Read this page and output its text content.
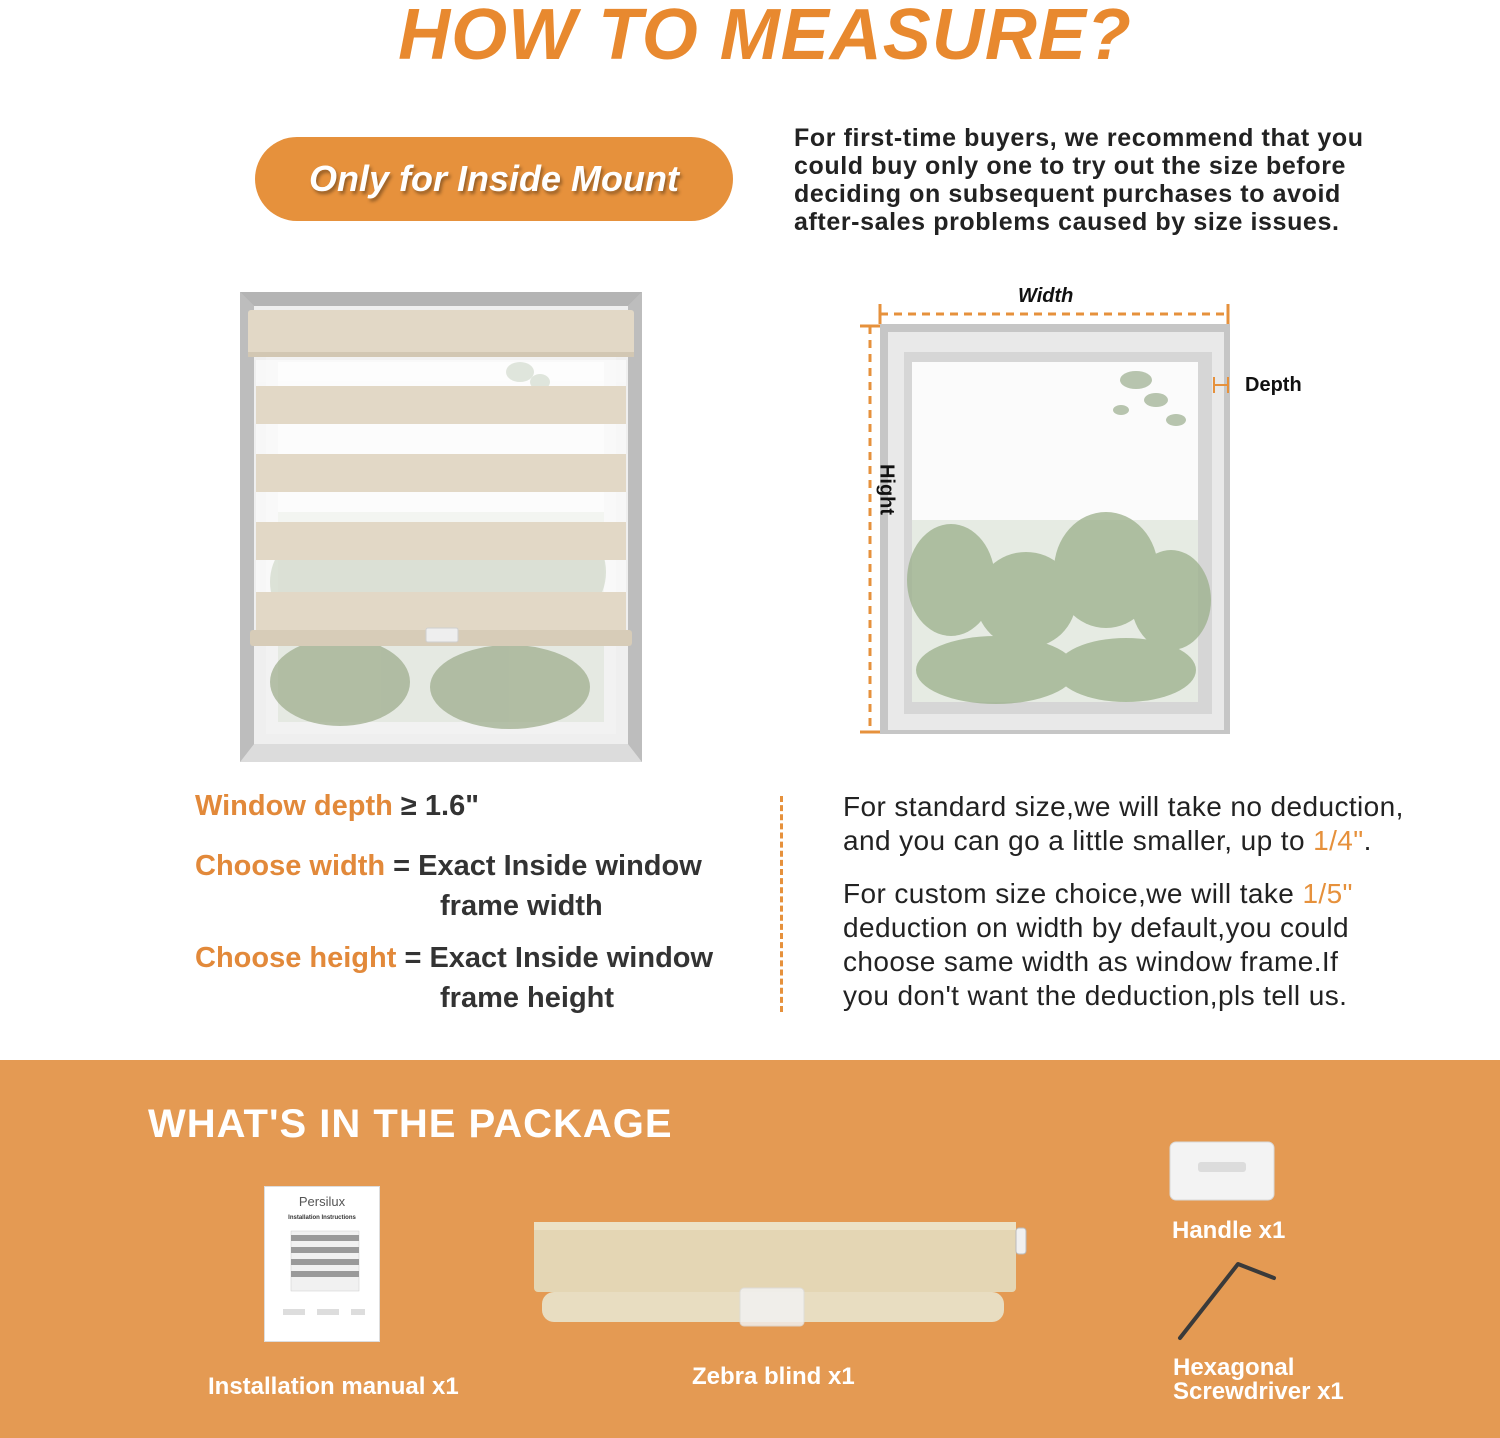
HOW TO MEASURE?
Only for Inside Mount
For first-time buyers, we recommend that you
could buy only one to try out the size before
deciding on subsequent purchases to avoid
after-sales problems caused by size issues.
Width
Depth
Hight
Window depth ≥ 1.6"
Choose width = Exact Inside window
frame width
Choose height = Exact Inside window
frame height

For standard size,we will take no deduction,
and you can go a little smaller, up to 1/4".

For custom size choice,we will take 1/5"
deduction on width by default,you could
choose same width as window frame.If
you don't want the deduction,pls tell us.

WHAT'S IN THE PACKAGE
Persilux
Installation Instructions
Installation manual x1	Zebra blind x1
Handle x1
Hexagonal
Screwdriver x1
